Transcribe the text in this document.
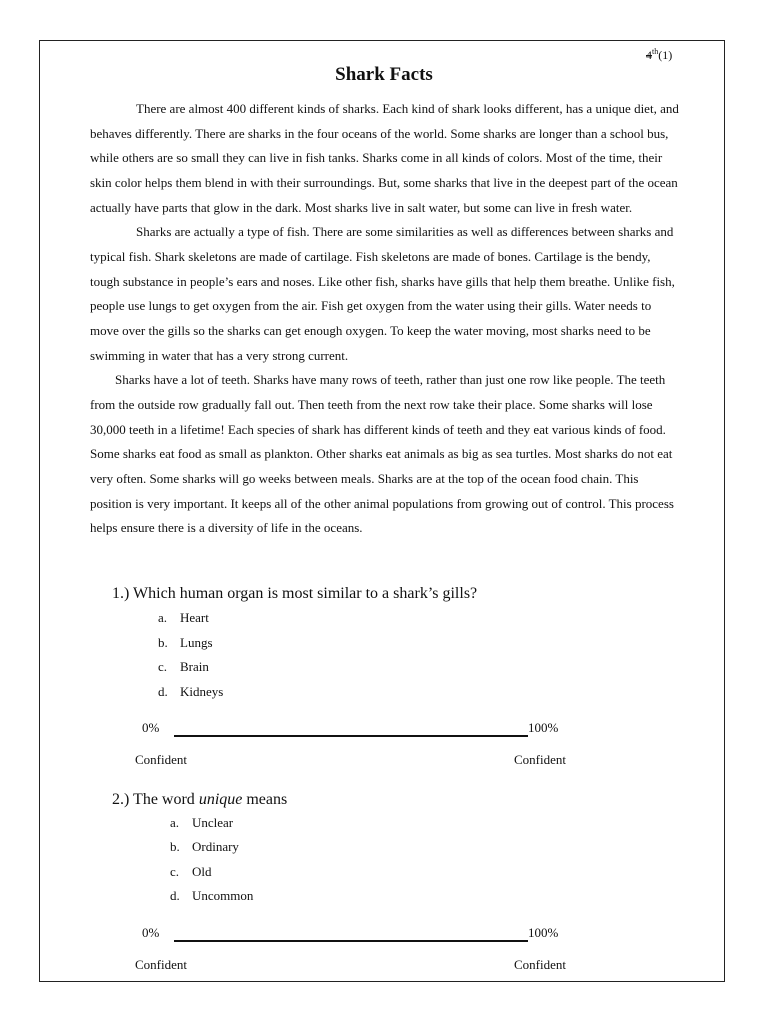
4th(1)
Shark Facts

There are almost 400 different kinds of sharks. Each kind of shark looks different, has a unique diet, and behaves differently. There are sharks in the four oceans of the world. Some sharks are longer than a school bus, while others are so small they can live in fish tanks. Sharks come in all kinds of colors. Most of the time, their skin color helps them blend in with their surroundings. But, some sharks that live in the deepest part of the ocean actually have parts that glow in the dark. Most sharks live in salt water, but some can live in fresh water.

Sharks are actually a type of fish. There are some similarities as well as differences between sharks and typical fish. Shark skeletons are made of cartilage. Fish skeletons are made of bones. Cartilage is the bendy, tough substance in people’s ears and noses. Like other fish, sharks have gills that help them breathe. Unlike fish, people use lungs to get oxygen from the air. Fish get oxygen from the water using their gills. Water needs to move over the gills so the sharks can get enough oxygen. To keep the water moving, most sharks need to be swimming in water that has a very strong current.

Sharks have a lot of teeth. Sharks have many rows of teeth, rather than just one row like people. The teeth from the outside row gradually fall out. Then teeth from the next row take their place. Some sharks will lose 30,000 teeth in a lifetime! Each species of shark has different kinds of teeth and they eat various kinds of food. Some sharks eat food as small as plankton. Other sharks eat animals as big as sea turtles. Most sharks do not eat very often. Some sharks will go weeks between meals. Sharks are at the top of the ocean food chain. This position is very important. It keeps all of the other animal populations from growing out of control. This process helps ensure there is a diversity of life in the oceans.

1.) Which human organ is most similar to a shark’s gills?
a. Heart
b. Lungs
c. Brain
d. Kidneys
0%	100%
Confident	Confident
2.) The word unique means
a. Unclear
b. Ordinary
c. Old
d. Uncommon
0%	100%
Confident	Confident
